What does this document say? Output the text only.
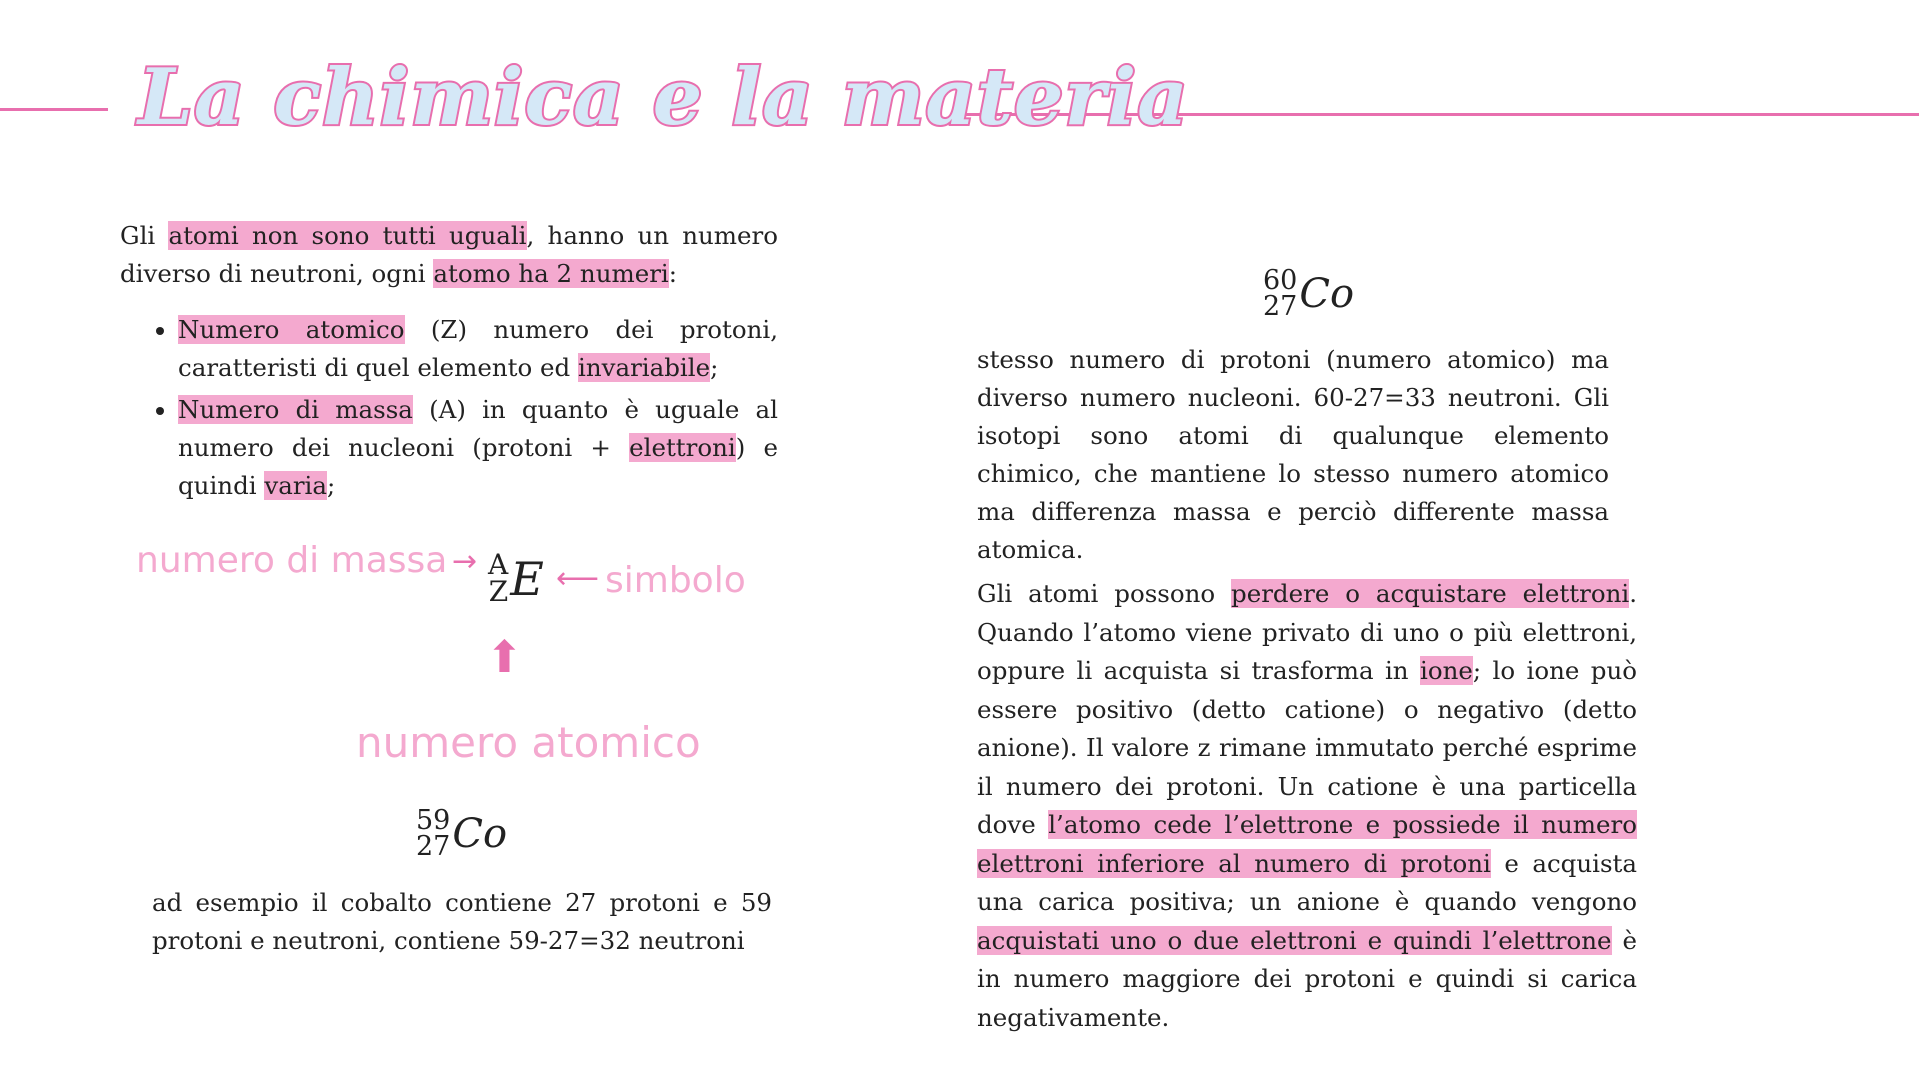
La chimica e la materia
Gli atomi non sono tutti uguali, hanno un numero diverso di neutroni, ogni atomo ha 2 numeri:
• Numero atomico (Z) numero dei protoni, caratteristi di quel elemento ed invariabile;
• Numero di massa (A) in quanto è uguale al numero dei nucleoni (protoni + elettroni) e quindi varia;
numero di massa → A
Z E ⟵ simbolo
⬆
numero atomico
59
27 Co
ad esempio il cobalto contiene 27 protoni e 59 protoni e neutroni, contiene 59-27=32 neutroni
60
27 Co
stesso numero di protoni (numero atomico) ma diverso numero nucleoni. 60-27=33 neutroni. Gli isotopi sono atomi di qualunque elemento chimico, che mantiene lo stesso numero atomico ma differenza massa e perciò differente massa atomica.
Gli atomi possono perdere o acquistare elettroni. Quando l’atomo viene privato di uno o più elettroni, oppure li acquista si trasforma in ione; lo ione può essere positivo (detto catione) o negativo (detto anione). Il valore z rimane immutato perché esprime il numero dei protoni. Un catione è una particella dove l’atomo cede l’elettrone e possiede il numero elettroni inferiore al numero di protoni e acquista una carica positiva; un anione è quando vengono acquistati uno o due elettroni e quindi l’elettrone è in numero maggiore dei protoni e quindi si carica negativamente.
